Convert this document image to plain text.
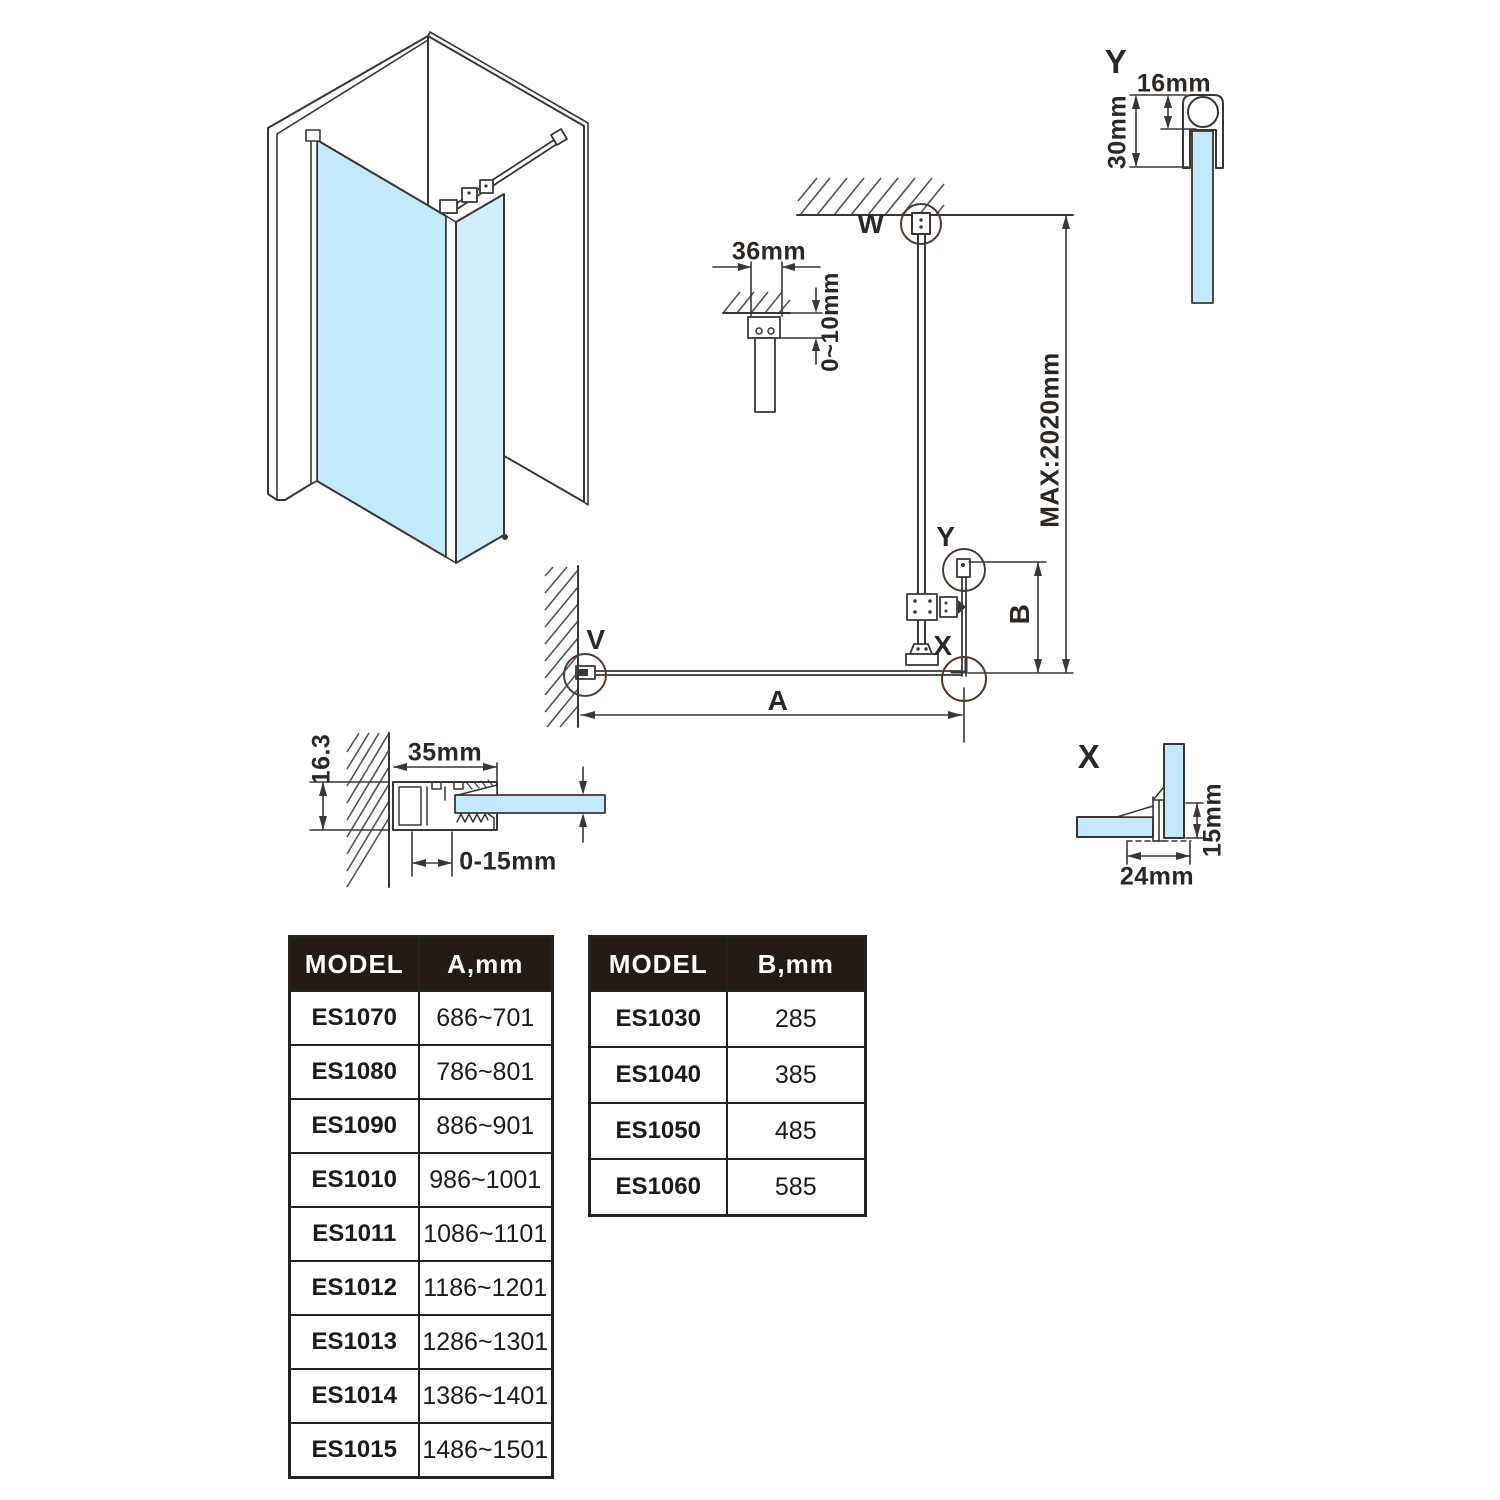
W
V
Y
X
A
B
MAX:2020mm
36mm
0~10mm
16.3	35mm
0-15mm
X
15mm
24mm
Y
16mm
30mm
MODEL	A,mm
ES1070	686~701
ES1080	786~801
ES1090	886~901
ES1010	986~1001
ES1011	1086~1101
ES1012	1186~1201
ES1013	1286~1301
ES1014	1386~1401
ES1015	1486~1501
MODEL	B,mm
ES1030	285
ES1040	385
ES1050	485
ES1060	585
